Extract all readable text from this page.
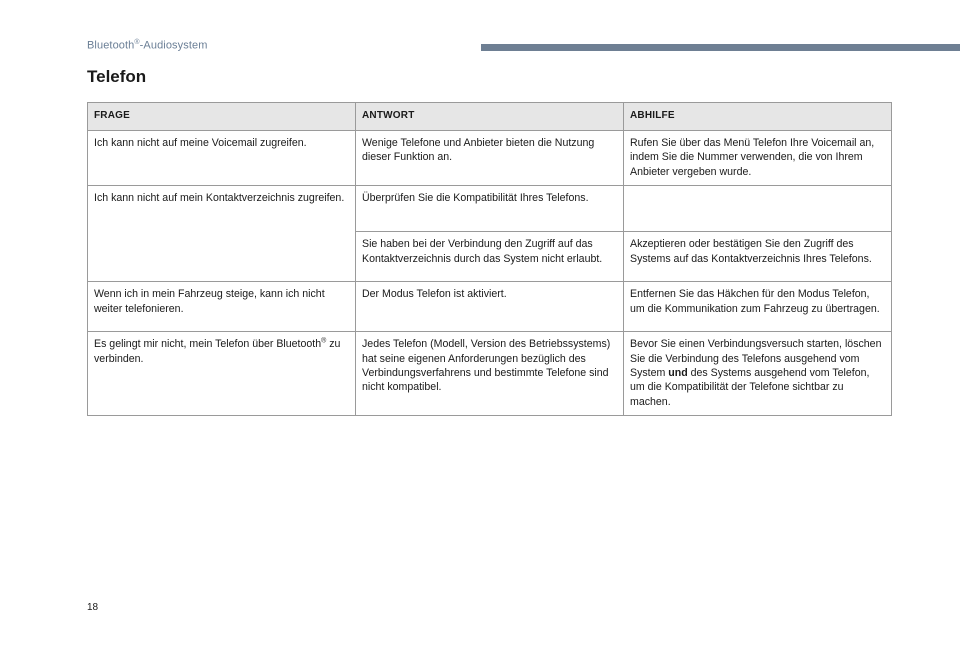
Bluetooth®-Audiosystem
Telefon
FRAGE	ANTWORT	ABHILFE
Ich kann nicht auf meine Voicemail zugreifen.	Wenige Telefone und Anbieter bieten die Nutzung dieser Funktion an.	Rufen Sie über das Menü Telefon Ihre Voicemail an, indem Sie die Nummer verwenden, die von Ihrem Anbieter vergeben wurde.
Ich kann nicht auf mein Kontaktverzeichnis zugreifen.	Überprüfen Sie die Kompatibilität Ihres Telefons.	
	Sie haben bei der Verbindung den Zugriff auf das Kontaktverzeichnis durch das System nicht erlaubt.	Akzeptieren oder bestätigen Sie den Zugriff des Systems auf das Kontaktverzeichnis Ihres Telefons.
Wenn ich in mein Fahrzeug steige, kann ich nicht weiter telefonieren.	Der Modus Telefon ist aktiviert.	Entfernen Sie das Häkchen für den Modus Telefon, um die Kommunikation zum Fahrzeug zu übertragen.
Es gelingt mir nicht, mein Telefon über Bluetooth® zu verbinden.	Jedes Telefon (Modell, Version des Betriebssystems) hat seine eigenen Anforderungen bezüglich des Verbindungsverfahrens und bestimmte Telefone sind nicht kompatibel.	Bevor Sie einen Verbindungsversuch starten, löschen Sie die Verbindung des Telefons ausgehend vom System und des Systems ausgehend vom Telefon, um die Kompatibilität der Telefone sichtbar zu machen.
18
